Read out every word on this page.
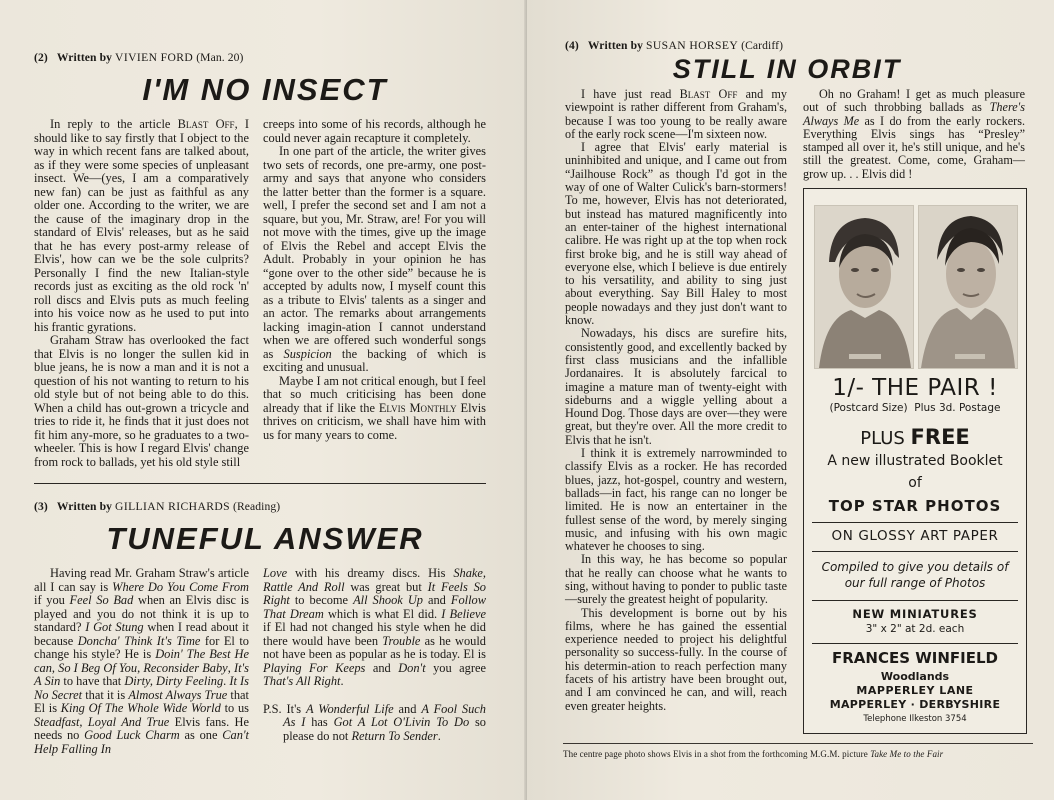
(2) Written by VIVIEN FORD (Man. 20)
I'M NO INSECT

In reply to the article Blast Off, I should like to say firstly that I object to the way in which recent fans are talked about, as if they were some species of unpleasant insect. We—(yes, I am a comparatively new fan) can be just as faithful as any older one. According to the writer, we are the cause of the imaginary drop in the standard of Elvis' releases, but as he said that he has every post-army release of Elvis', how can we be the sole culprits? Personally I find the new Italian-style records just as exciting as the old rock 'n' roll discs and Elvis puts as much feeling into his voice now as he used to put into his frantic gyrations.

Graham Straw has overlooked the fact that Elvis is no longer the sullen kid in blue jeans, he is now a man and it is not a question of his not wanting to return to his old style but of not being able to do this. When a child has out-grown a tricycle and tries to ride it, he finds that it just does not fit him any-more, so he graduates to a two-wheeler. This is how I regard Elvis' change from rock to ballads, yet his old style still

creeps into some of his records, although he could never again recapture it completely.

In one part of the article, the writer gives two sets of records, one pre-army, one post-army and says that anyone who considers the latter better than the former is a square. well, I prefer the second set and I am not a square, but you, Mr. Straw, are! For you will not move with the times, give up the image of Elvis the Rebel and accept Elvis the Adult. Probably in your opinion he has “gone over to the other side” because he is accepted by adults now, I myself count this as a tribute to Elvis' talents as a singer and an actor. The remarks about arrangements lacking imagin-ation I cannot understand when we are offered such wonderful songs as Suspicion the backing of which is exciting and unusual.

Maybe I am not critical enough, but I feel that so much criticising has been done already that if like the Elvis Monthly Elvis thrives on criticism, we shall have him with us for many years to come.

(3) Written by GILLIAN RICHARDS (Reading)
TUNEFUL ANSWER

Having read Mr. Graham Straw's article all I can say is Where Do You Come From if you Feel So Bad when an Elvis disc is played and you do not think it is up to standard? I Got Stung when I read about it because Doncha' Think It's Time for El to change his style? He is Doin' The Best He can, So I Beg Of You, Reconsider Baby, It's A Sin to have that Dirty, Dirty Feeling. It Is No Secret that it is Almost Always True that El is King Of The Whole Wide World to us Steadfast, Loyal And True Elvis fans. He needs no Good Luck Charm as one Can't Help Falling In

Love with his dreamy discs. His Shake, Rattle And Roll was great but It Feels So Right to become All Shook Up and Follow That Dream which is what El did. I Believe if El had not changed his style when he did there would have been Trouble as he would not have been as popular as he is today. El is Playing For Keeps and Don't you agree That's All Right.

P.S. It's A Wonderful Life and A Fool Such As I has Got A Lot O'Livin To Do so please do not Return To Sender.

(4) Written by SUSAN HORSEY (Cardiff)
STILL IN ORBIT

I have just read Blast Off and my viewpoint is rather different from Graham's, because I was too young to be really aware of the early rock scene—I'm sixteen now.

I agree that Elvis' early material is uninhibited and unique, and I came out from “Jailhouse Rock” as though I'd got in the way of one of Walter Culick's barn-stormers! To me, however, Elvis has not deteriorated, but instead has matured magnificently into an enter-tainer of the highest international calibre. He was right up at the top when rock first broke big, and he is still way ahead of everyone else, which I believe is due entirely to his versatility, and ability to sing just about everything. Say Bill Haley to most people nowadays and they just don't want to know.

Nowadays, his discs are surefire hits, consistently good, and excellently backed by first class musicians and the infallible Jordanaires. It is absolutely farcical to imagine a mature man of twenty-eight with sideburns and a wiggle yelling about a Hound Dog. Those days are over—they were great, but they're over. All the more credit to Elvis that he isn't.

I think it is extremely narrowminded to classify Elvis as a rocker. He has recorded blues, jazz, hot-gospel, country and western, ballads—in fact, his range can no longer be limited. He is now an entertainer in the fullest sense of the word, by merely singing music, and infusing with his own magic whatever he chooses to sing.

In this way, he has become so popular that he really can choose what he wants to sing, without having to ponder to public taste—surely the greatest height of popularity.

This development is borne out by his films, where he has gained the essential experience needed to project his delightful personality so success-fully. In the course of his determin-ation to reach perfection many facets of his artistry have been brought out, and I am convinced he can, and will, reach even greater heights.

Oh no Graham! I get as much pleasure out of such throbbing ballads as There's Always Me as I do from the early rockers. Everything Elvis sings has “Presley” stamped all over it, he's still unique, and he's still the greatest. Come, come, Graham—grow up. . . Elvis did !

1/- THE PAIR !
(Postcard Size) Plus 3d. Postage
PLUS FREE
A new illustrated Booklet
of
TOP STAR PHOTOS
ON GLOSSY ART PAPER
Compiled to give you details of
our full range of Photos
NEW MINIATURES
3" x 2" at 2d. each
FRANCES WINFIELD
Woodlands
MAPPERLEY LANE
MAPPERLEY · DERBYSHIRE
Telephone Ilkeston 3754
The centre page photo shows Elvis in a shot from the forthcoming M.G.M. picture Take Me to the Fair
